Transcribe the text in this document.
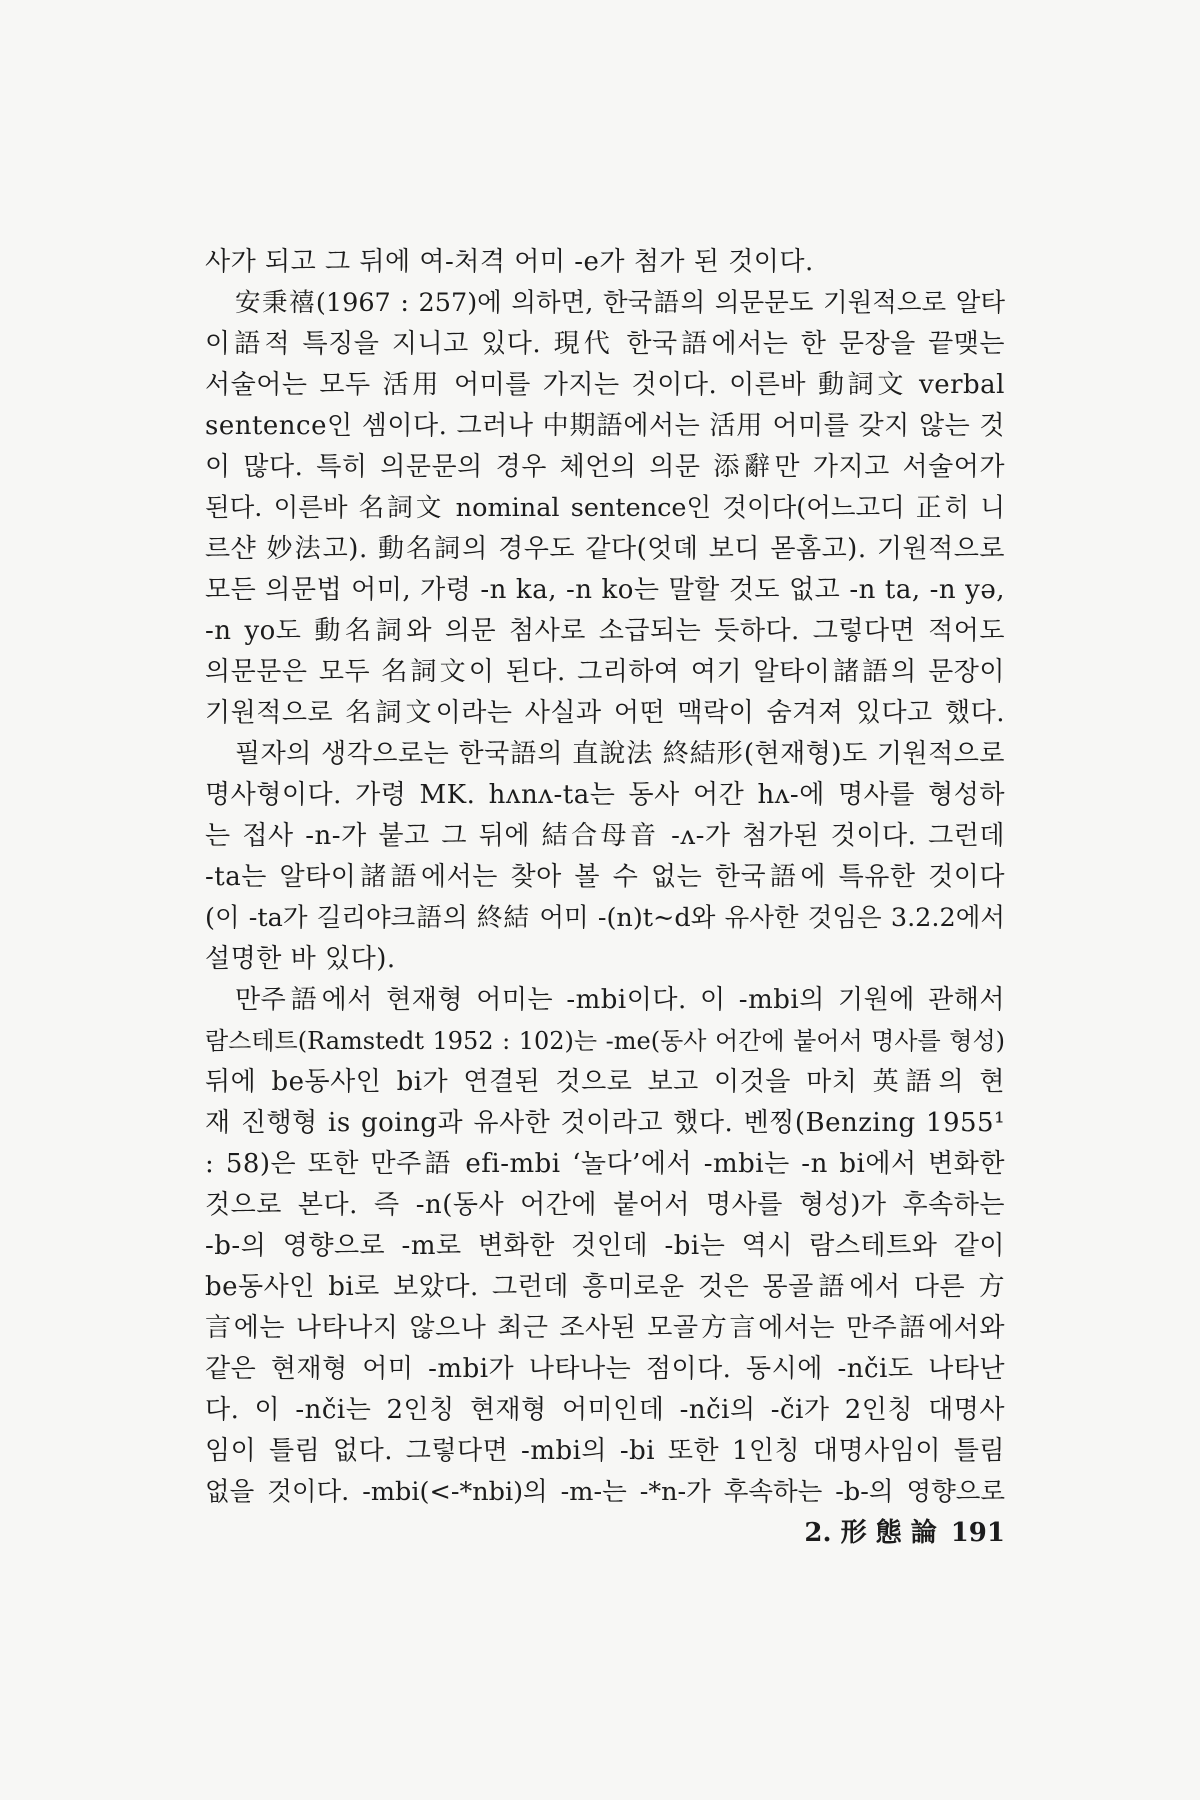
사가 되고 그 뒤에 여-처격 어미 -e가 첨가 된 것이다.
安秉禧(1967 : 257)에 의하면, 한국語의 의문문도 기원적으로 알타
이語적 특징을 지니고 있다. 現代 한국語에서는 한 문장을 끝맺는
서술어는 모두 活用 어미를 가지는 것이다. 이른바 動詞文 verbal
sentence인 셈이다. 그러나 中期語에서는 活用 어미를 갖지 않는 것
이 많다. 특히 의문문의 경우 체언의 의문 添辭만 가지고 서술어가
된다. 이른바 名詞文 nominal sentence인 것이다(어느고디 正히 니
르샨 妙法고). 動名詞의 경우도 같다(엇뎨 보디 몯홈고). 기원적으로
모든 의문법 어미, 가령 -n ka, -n ko는 말할 것도 없고 -n ta, -n yə,
-n yo도 動名詞와 의문 첨사로 소급되는 듯하다. 그렇다면 적어도
의문문은 모두 名詞文이 된다. 그리하여 여기 알타이諸語의 문장이
기원적으로 名詞文이라는 사실과 어떤 맥락이 숨겨져 있다고 했다.
필자의 생각으로는 한국語의 直說法 終結形(현재형)도 기원적으로
명사형이다. 가령 MK. hʌnʌ-ta는 동사 어간 hʌ-에 명사를 형성하
는 접사 -n-가 붙고 그 뒤에 結合母音 -ʌ-가 첨가된 것이다. 그런데
-ta는 알타이諸語에서는 찾아 볼 수 없는 한국語에 특유한 것이다
(이 -ta가 길리야크語의 終結 어미 -(n)t∼d와 유사한 것임은 3.2.2에서
설명한 바 있다).
만주語에서 현재형 어미는 -mbi이다. 이 -mbi의 기원에 관해서
람스테트(Ramstedt 1952 : 102)는 -me(동사 어간에 붙어서 명사를 형성)
뒤에 be동사인 bi가 연결된 것으로 보고 이것을 마치 英語의 현
재 진행형 is going과 유사한 것이라고 했다. 벤찡(Benzing 1955¹
: 58)은 또한 만주語 efi-mbi ‘놀다’에서 -mbi는 -n bi에서 변화한
것으로 본다. 즉 -n(동사 어간에 붙어서 명사를 형성)가 후속하는
-b-의 영향으로 -m로 변화한 것인데 -bi는 역시 람스테트와 같이
be동사인 bi로 보았다. 그런데 흥미로운 것은 몽골語에서 다른 方
言에는 나타나지 않으나 최근 조사된 모골方言에서는 만주語에서와
같은 현재형 어미 -mbi가 나타나는 점이다. 동시에 -nči도 나타난
다. 이 -nči는 2인칭 현재형 어미인데 -nči의 -či가 2인칭 대명사
임이 틀림 없다. 그렇다면 -mbi의 -bi 또한 1인칭 대명사임이 틀림
없을 것이다. -mbi(<-*nbi)의 -m-는 -*n-가 후속하는 -b-의 영향으로
2. 形 態 論 191
